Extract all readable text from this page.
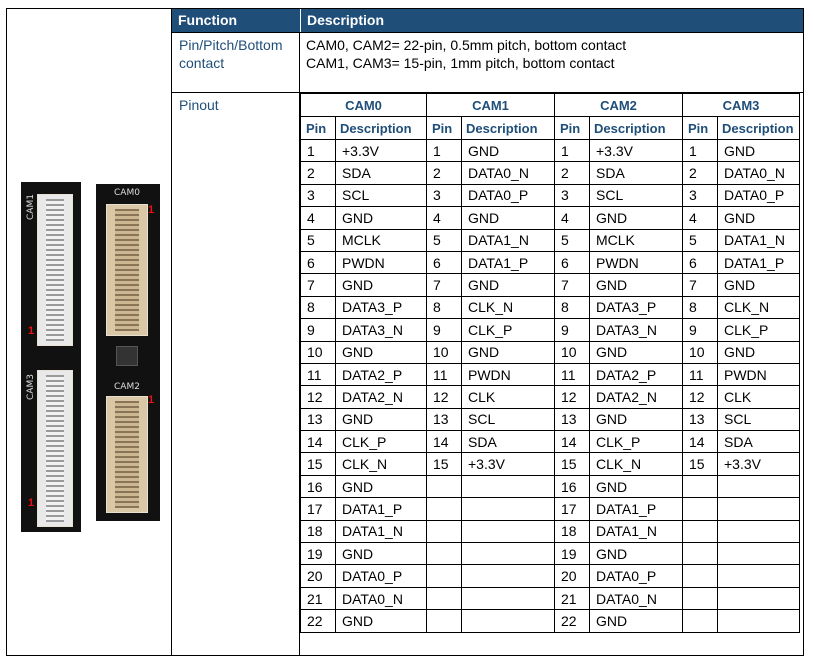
CAM1
1
CAM3
1
CAM0
1
CAM2
1
Function	Description
Pin/Pitch/Bottom contact
CAM0, CAM2= 22-pin, 0.5mm pitch, bottom contact
CAM1, CAM3= 15-pin, 1mm pitch, bottom contact
Pinout	CAM0		CAM1		CAM2		CAM3	
Pin	Description	Pin	Description	Pin	Description	Pin	Description
1	+3.3V	1	GND	1	+3.3V	1	GND
2	SDA	2	DATA0_N	2	SDA	2	DATA0_N
3	SCL	3	DATA0_P	3	SCL	3	DATA0_P
4	GND	4	GND	4	GND	4	GND
5	MCLK	5	DATA1_N	5	MCLK	5	DATA1_N
6	PWDN	6	DATA1_P	6	PWDN	6	DATA1_P
7	GND	7	GND	7	GND	7	GND
8	DATA3_P	8	CLK_N	8	DATA3_P	8	CLK_N
9	DATA3_N	9	CLK_P	9	DATA3_N	9	CLK_P
10	GND	10	GND	10	GND	10	GND
11	DATA2_P	11	PWDN	11	DATA2_P	11	PWDN
12	DATA2_N	12	CLK	12	DATA2_N	12	CLK
13	GND	13	SCL	13	GND	13	SCL
14	CLK_P	14	SDA	14	CLK_P	14	SDA
15	CLK_N	15	+3.3V	15	CLK_N	15	+3.3V
16	GND			16	GND		
17	DATA1_P			17	DATA1_P		
18	DATA1_N			18	DATA1_N		
19	GND			19	GND		
20	DATA0_P			20	DATA0_P		
21	DATA0_N			21	DATA0_N		
22	GND			22	GND		
